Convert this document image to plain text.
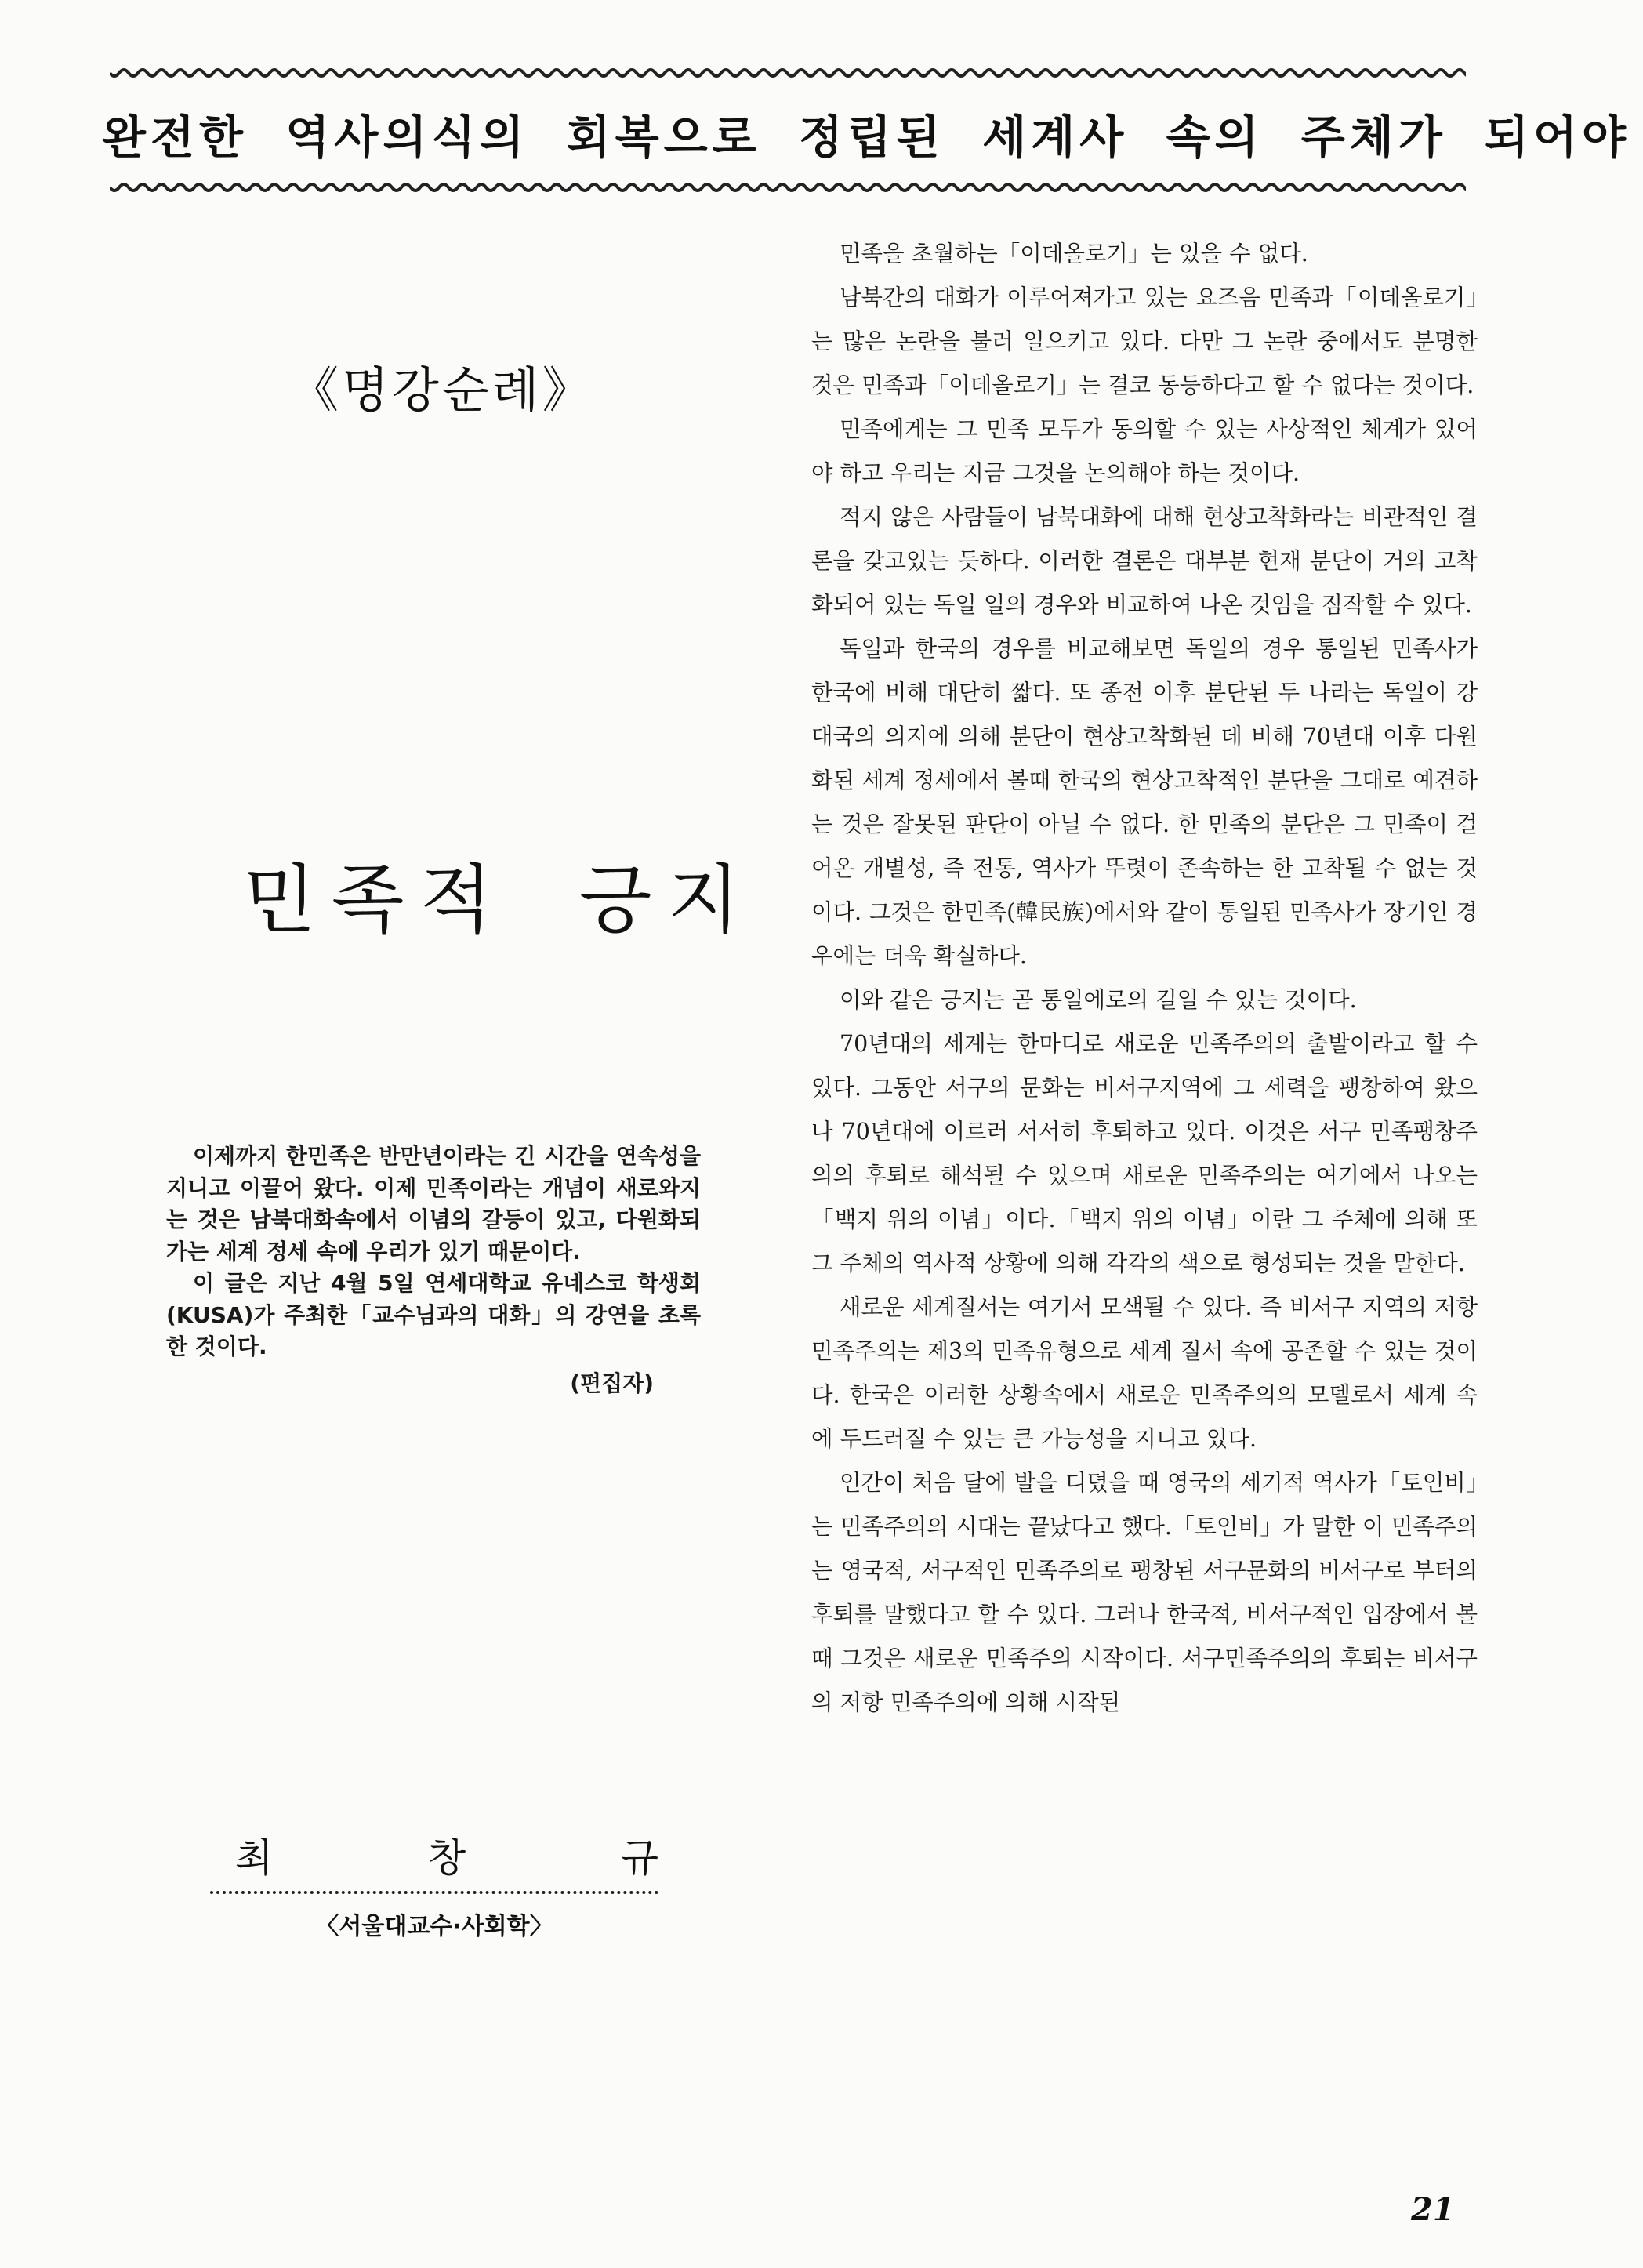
완전한 역사의식의 회복으로 정립된 세계사 속의 주체가 되어야
《명강순례》
민족적 긍지

이제까지 한민족은 반만년이라는 긴 시간을 연속성을 지니고 이끌어 왔다. 이제 민족이라는 개념이 새로와지는 것은 남북대화속에서 이념의 갈등이 있고, 다원화되 가는 세계 정세 속에 우리가 있기 때문이다.

이 글은 지난 4월 5일 연세대학교 유네스코 학생회(KUSA)가 주최한「교수님과의 대화」의 강연을 초록한 것이다.

(편집자)

최	창	규
〈서울대교수·사회학〉

민족을 초월하는「이데올로기」는 있을 수 없다.

남북간의 대화가 이루어져가고 있는 요즈음 민족과「이데올로기」는 많은 논란을 불러 일으키고 있다. 다만 그 논란 중에서도 분명한 것은 민족과「이데올로기」는 결코 동등하다고 할 수 없다는 것이다.

민족에게는 그 민족 모두가 동의할 수 있는 사상적인 체계가 있어야 하고 우리는 지금 그것을 논의해야 하는 것이다.

적지 않은 사람들이 남북대화에 대해 현상고착화라는 비관적인 결론을 갖고있는 듯하다. 이러한 결론은 대부분 현재 분단이 거의 고착화되어 있는 독일 일의 경우와 비교하여 나온 것임을 짐작할 수 있다.

독일과 한국의 경우를 비교해보면 독일의 경우 통일된 민족사가 한국에 비해 대단히 짧다. 또 종전 이후 분단된 두 나라는 독일이 강대국의 의지에 의해 분단이 현상고착화된 데 비해 70년대 이후 다원화된 세계 정세에서 볼때 한국의 현상고착적인 분단을 그대로 예견하는 것은 잘못된 판단이 아닐 수 없다. 한 민족의 분단은 그 민족이 걸어온 개별성, 즉 전통, 역사가 뚜렷이 존속하는 한 고착될 수 없는 것이다. 그것은 한민족(韓民族)에서와 같이 통일된 민족사가 장기인 경우에는 더욱 확실하다.

이와 같은 긍지는 곧 통일에로의 길일 수 있는 것이다.

70년대의 세계는 한마디로 새로운 민족주의의 출발이라고 할 수 있다. 그동안 서구의 문화는 비서구지역에 그 세력을 팽창하여 왔으나 70년대에 이르러 서서히 후퇴하고 있다. 이것은 서구 민족팽창주의의 후퇴로 해석될 수 있으며 새로운 민족주의는 여기에서 나오는「백지 위의 이념」이다.「백지 위의 이념」이란 그 주체에 의해 또 그 주체의 역사적 상황에 의해 각각의 색으로 형성되는 것을 말한다.

새로운 세계질서는 여기서 모색될 수 있다. 즉 비서구 지역의 저항 민족주의는 제3의 민족유형으로 세계 질서 속에 공존할 수 있는 것이다. 한국은 이러한 상황속에서 새로운 민족주의의 모델로서 세계 속에 두드러질 수 있는 큰 가능성을 지니고 있다.

인간이 처음 달에 발을 디뎠을 때 영국의 세기적 역사가「토인비」는 민족주의의 시대는 끝났다고 했다.「토인비」가 말한 이 민족주의는 영국적, 서구적인 민족주의로 팽창된 서구문화의 비서구로 부터의 후퇴를 말했다고 할 수 있다. 그러나 한국적, 비서구적인 입장에서 볼 때 그것은 새로운 민족주의 시작이다. 서구민족주의의 후퇴는 비서구의 저항 민족주의에 의해 시작된

21
